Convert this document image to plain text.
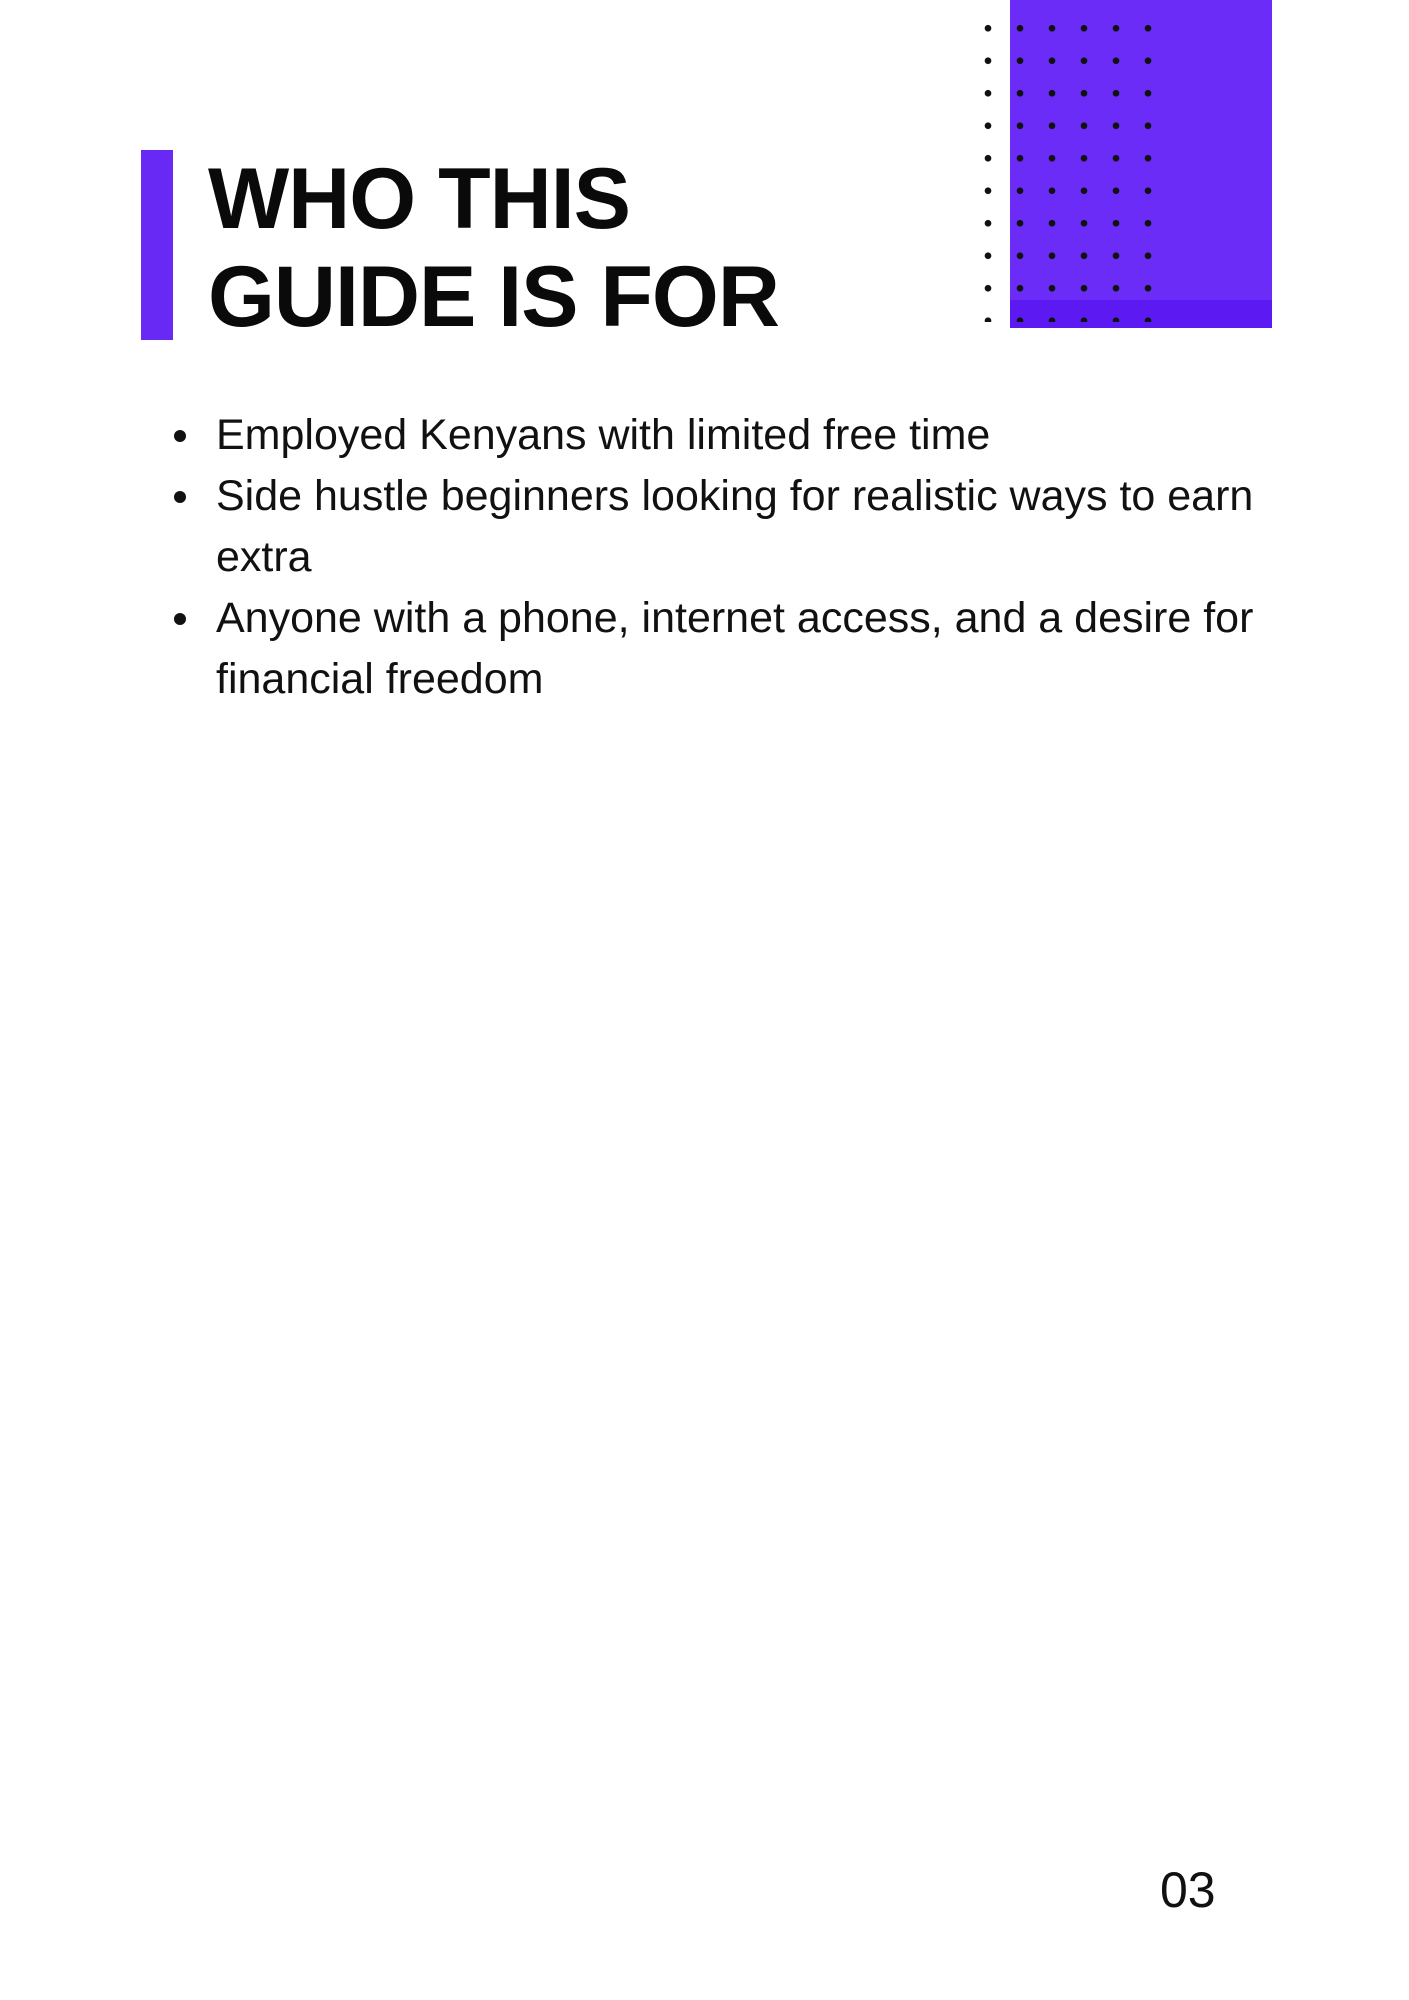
WHO THIS
GUIDE IS FOR
Employed Kenyans with limited free time
Side hustle beginners looking for realistic ways to earn extra
Anyone with a phone, internet access, and a desire for financial freedom
03
